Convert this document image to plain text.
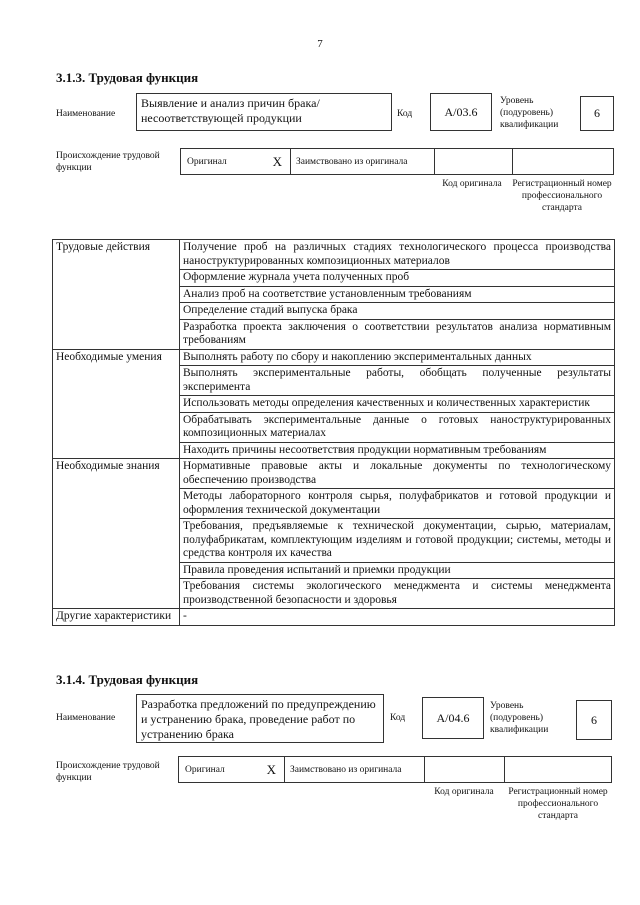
7
3.1.3. Трудовая функция
Наименование
Выявление и анализ причин брака/несоответствующей продукции	Код	A/03.6
Уровень (подуровень) квалификации
6
Происхождение трудовой функции
Оригинал	X Заимствовано из оригинала
Код оригинала Регистрационный номер профессионального стандарта
Трудовые действия	Получение проб на различных стадиях технологического процесса производства наноструктурированных композиционных материалов
	Оформление журнала учета полученных проб
	Анализ проб на соответствие установленным требованиям
	Определение стадий выпуска брака
	Разработка проекта заключения о соответствии результатов анализа нормативным требованиям
Необходимые умения	Выполнять работу по сбору и накоплению экспериментальных данных
	Выполнять экспериментальные работы, обобщать полученные результаты эксперимента
	Использовать методы определения качественных и количественных характеристик
	Обрабатывать экспериментальные данные о готовых наноструктурированных композиционных материалах
	Находить причины несоответствия продукции нормативным требованиям
Необходимые знания	Нормативные правовые акты и локальные документы по технологическому обеспечению производства
	Методы лабораторного контроля сырья, полуфабрикатов и готовой продукции и оформления технической документации
	Требования, предъявляемые к технической документации, сырью, материалам, полуфабрикатам, комплектующим изделиям и готовой продукции; системы, методы и средства контроля их качества
	Правила проведения испытаний и приемки продукции
	Требования системы экологического менеджмента и системы менеджмента производственной безопасности и здоровья
Другие характеристики	-
3.1.4. Трудовая функция
Наименование
Разработка предложений по предупреждению и устранению брака, проведение работ по устранению брака
Код	A/04.6
Уровень (подуровень) квалификации
6
Происхождение трудовой функции
Оригинал	X Заимствовано из оригинала
Код оригинала Регистрационный номер профессионального стандарта
